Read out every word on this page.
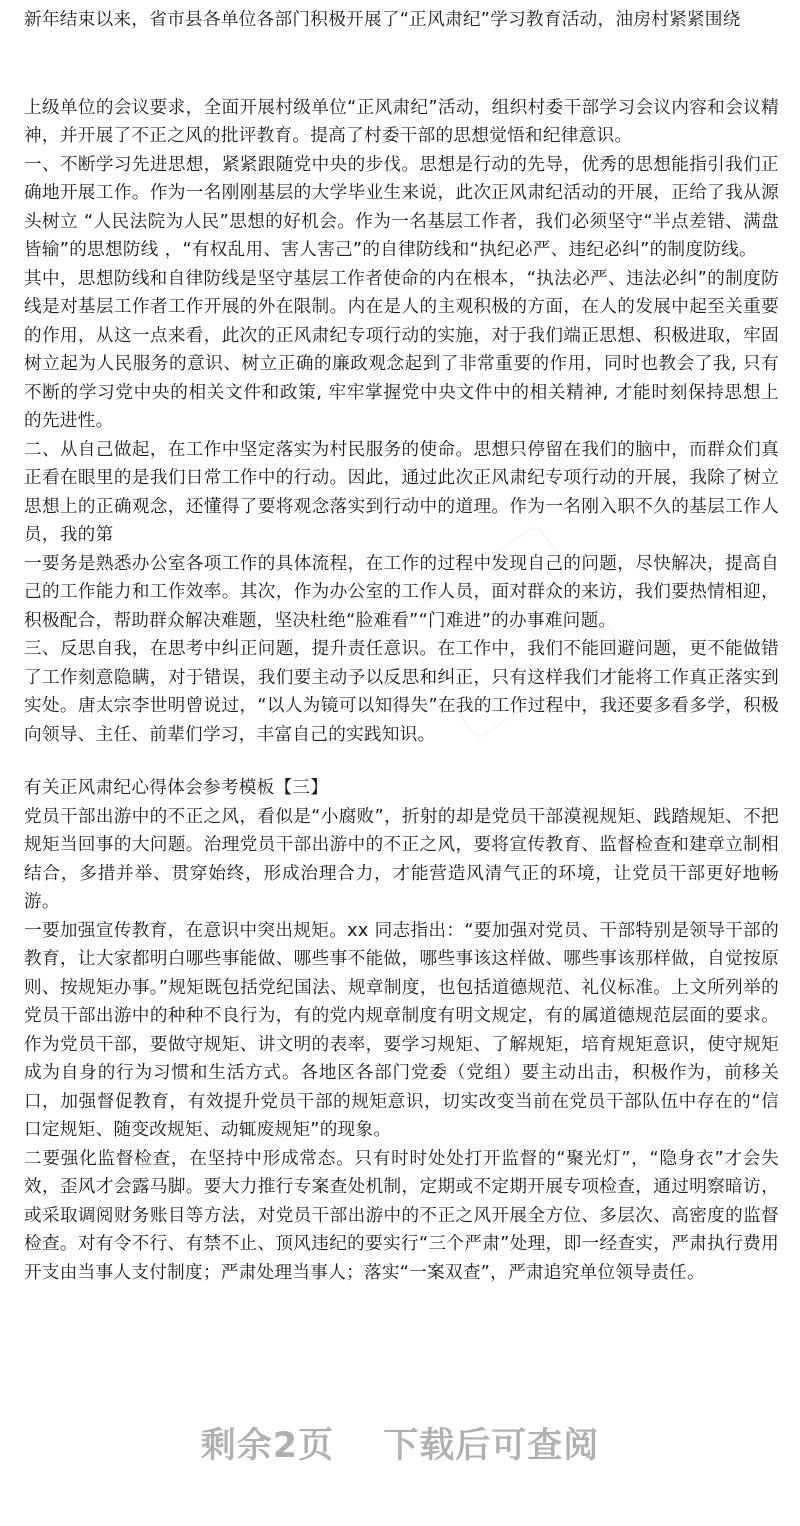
新年结束以来，省市县各单位各部门积极开展了“正风肃纪”学习教育活动，油房村紧紧围绕

上级单位的会议要求，全面开展村级单位“正风肃纪”活动，组织村委干部学习会议内容和会议精神，并开展了不正之风的批评教育。提高了村委干部的思想觉悟和纪律意识。

一、不断学习先进思想，紧紧跟随党中央的步伐。思想是行动的先导，优秀的思想能指引我们正确地开展工作。作为一名刚刚基层的大学毕业生来说，此次正风肃纪活动的开展，正给了我从源头树立 “人民法院为人民”思想的好机会。作为一名基层工作者，我们必须坚守“半点差错、满盘皆输”的思想防线 ，“有权乱用、害人害己”的自律防线和“执纪必严、违纪必纠”的制度防线。

其中，思想防线和自律防线是坚守基层工作者使命的内在根本，“执法必严、违法必纠”的制度防线是对基层工作者工作开展的外在限制。内在是人的主观积极的方面，在人的发展中起至关重要的作用，从这一点来看，此次的正风肃纪专项行动的实施，对于我们端正思想、积极进取，牢固树立起为人民服务的意识、树立正确的廉政观念起到了非常重要的作用，同时也教会了我, 只有不断的学习党中央的相关文件和政策, 牢牢掌握党中央文件中的相关精神, 才能时刻保持思想上的先进性。

二、从自己做起，在工作中坚定落实为村民服务的使命。思想只停留在我们的脑中，而群众们真正看在眼里的是我们日常工作中的行动。因此，通过此次正风肃纪专项行动的开展，我除了树立思想上的正确观念，还懂得了要将观念落实到行动中的道理。作为一名刚入职不久的基层工作人员，我的第

一要务是熟悉办公室各项工作的具体流程，在工作的过程中发现自己的问题，尽快解决，提高自己的工作能力和工作效率。其次，作为办公室的工作人员，面对群众的来访，我们要热情相迎，积极配合，帮助群众解决难题，坚决杜绝“脸难看”“门难进”的办事难问题。

三、反思自我，在思考中纠正问题，提升责任意识。在工作中，我们不能回避问题，更不能做错了工作刻意隐瞒，对于错误，我们要主动予以反思和纠正，只有这样我们才能将工作真正落实到实处。唐太宗李世明曾说过，“以人为镜可以知得失”在我的工作过程中，我还要多看多学，积极向领导、主任、前辈们学习，丰富自己的实践知识。

有关正风肃纪心得体会参考模板【三】

党员干部出游中的不正之风，看似是“小腐败”，折射的却是党员干部漠视规矩、践踏规矩、不把规矩当回事的大问题。治理党员干部出游中的不正之风，要将宣传教育、监督检查和建章立制相结合，多措并举、贯穿始终，形成治理合力，才能营造风清气正的环境，让党员干部更好地畅游。

一要加强宣传教育，在意识中突出规矩。xx 同志指出：“要加强对党员、干部特别是领导干部的教育，让大家都明白哪些事能做、哪些事不能做，哪些事该这样做、哪些事该那样做，自觉按原则、按规矩办事。”规矩既包括党纪国法、规章制度，也包括道德规范、礼仪标准。上文所列举的党员干部出游中的种种不良行为，有的党内规章制度有明文规定，有的属道德规范层面的要求。作为党员干部，要做守规矩、讲文明的表率，要学习规矩、了解规矩，培育规矩意识，使守规矩成为自身的行为习惯和生活方式。各地区各部门党委（党组）要主动出击，积极作为，前移关口，加强督促教育，有效提升党员干部的规矩意识，切实改变当前在党员干部队伍中存在的“信口定规矩、随变改规矩、动辄废规矩”的现象。

二要强化监督检查，在坚持中形成常态。只有时时处处打开监督的“聚光灯”，“隐身衣”才会失效，歪风才会露马脚。要大力推行专案查处机制，定期或不定期开展专项检查，通过明察暗访，或采取调阅财务账目等方法，对党员干部出游中的不正之风开展全方位、多层次、高密度的监督检查。对有令不行、有禁不止、顶风违纪的要实行“三个严肃”处理，即一经查实，严肃执行费用开支由当事人支付制度；严肃处理当事人；落实“一案双查”，严肃追究单位领导责任。

剩余2页 下载后可查阅
